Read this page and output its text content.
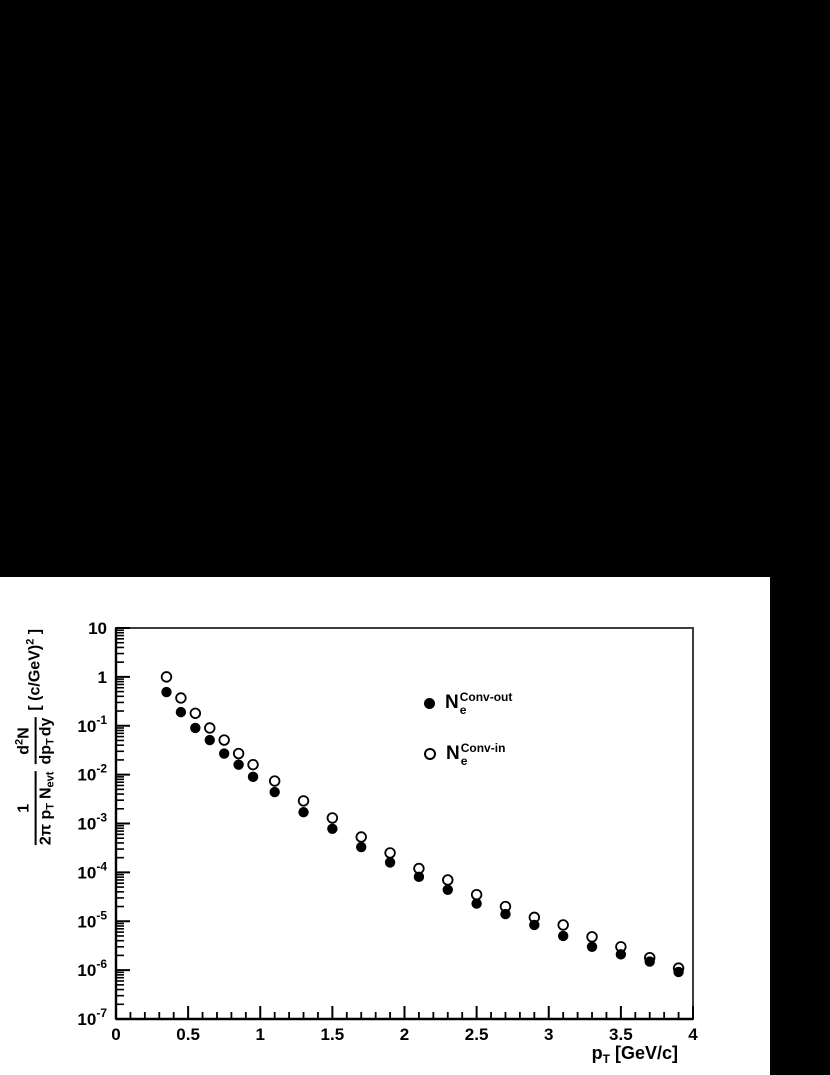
0	0.5	1	1.5	2	2.5	3	3.5	4
10
1
$10^{-1}$
$10^{-2}$
$10^{-3}$
$10^{-4}$
$10^{-5}$
$10^{-6}$
$10^{-7}$
$p_T$ [GeV/c]
1
2π $p_TN_{evt}$
$d^2N$
$dp_Tdy$
[ $(c/GeV)^2$ ]
N Conv-out
e
N Conv-in
e
